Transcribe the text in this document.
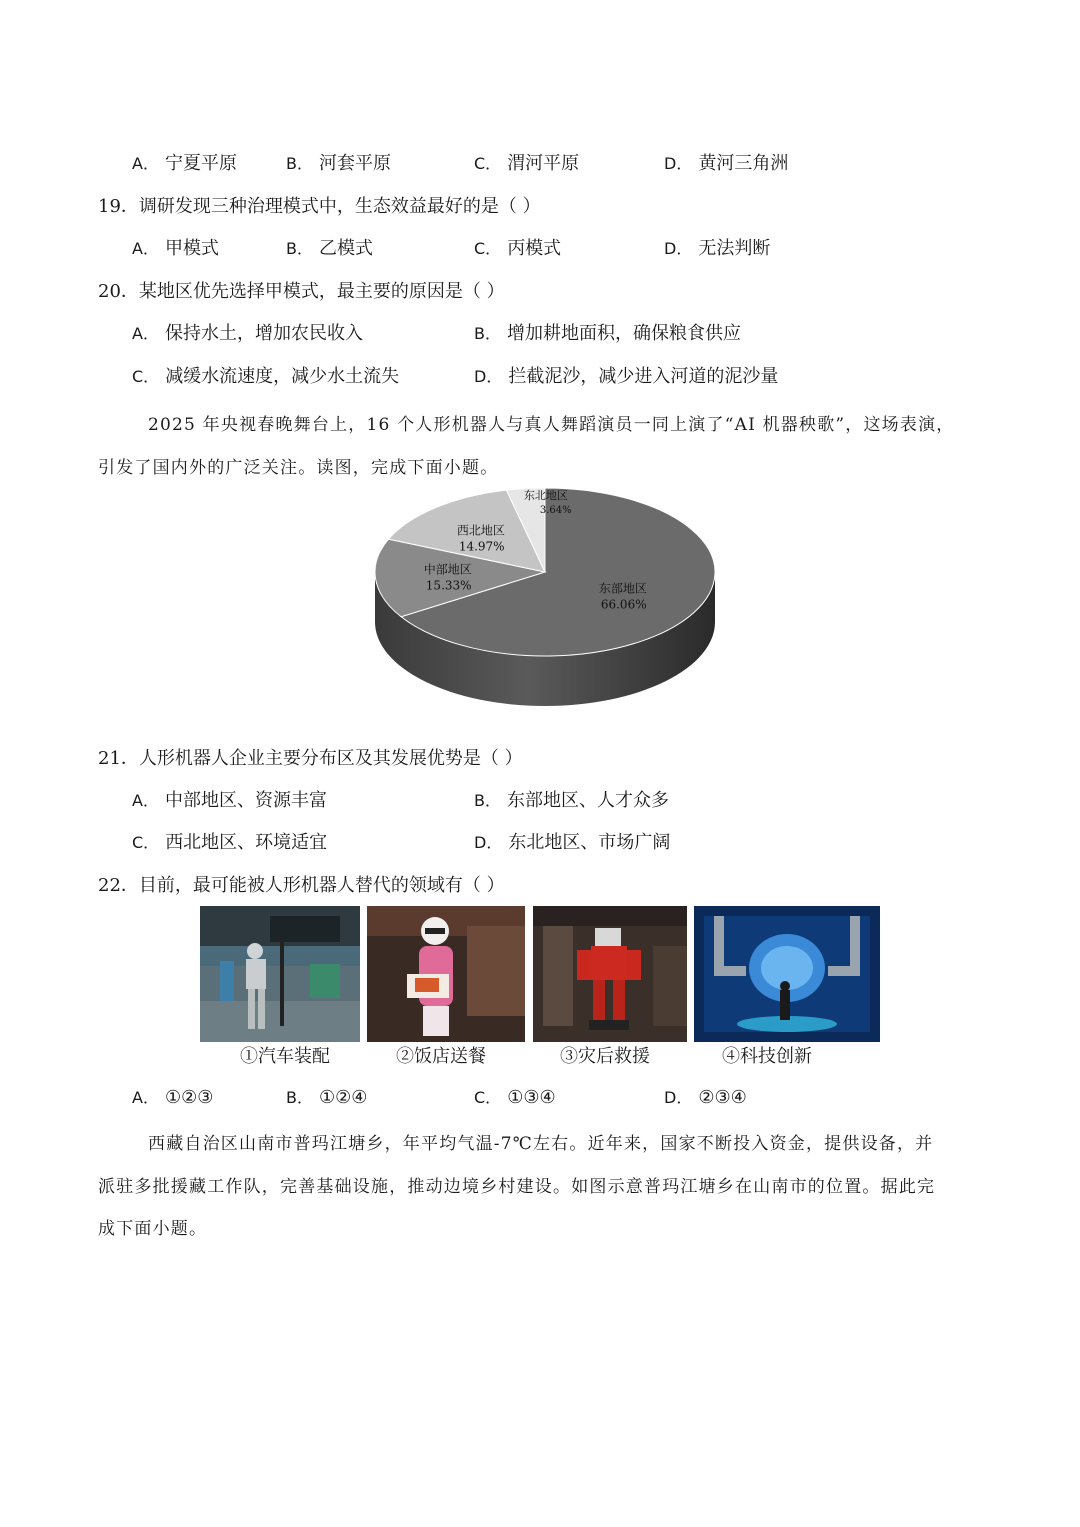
A． 宁夏平原	B． 河套平原	C． 渭河平原	D． 黄河三角洲
19．调研发现三种治理模式中，生态效益最好的是（ ）
A． 甲模式	B． 乙模式	C． 丙模式	D． 无法判断
20．某地区优先选择甲模式，最主要的原因是（ ）
A． 保持水土，增加农民收入	B． 增加耕地面积，确保粮食供应
C． 减缓水流速度，减少水土流失	D． 拦截泥沙，减少进入河道的泥沙量
2025 年央视春晚舞台上，16 个人形机器人与真人舞蹈演员一同上演了“AI 机器秧歌”，这场表演，
引发了国内外的广泛关注。读图，完成下面小题。
东部地区
66.06%
中部地区
15.33%
西北地区
14.97%
东北地区
3.64%
21．人形机器人企业主要分布区及其发展优势是（ ）
A． 中部地区、资源丰富	B． 东部地区、人才众多
C． 西北地区、环境适宜	D． 东北地区、市场广阔
22．目前，最可能被人形机器人替代的领域有（ ）
①汽车装配	②饭店送餐	③灾后救援	④科技创新
A． ①②③	B． ①②④	C． ①③④	D． ②③④
西藏自治区山南市普玛江塘乡，年平均气温-7℃左右。近年来，国家不断投入资金，提供设备，并
派驻多批援藏工作队，完善基础设施，推动边境乡村建设。如图示意普玛江塘乡在山南市的位置。据此完
成下面小题。
